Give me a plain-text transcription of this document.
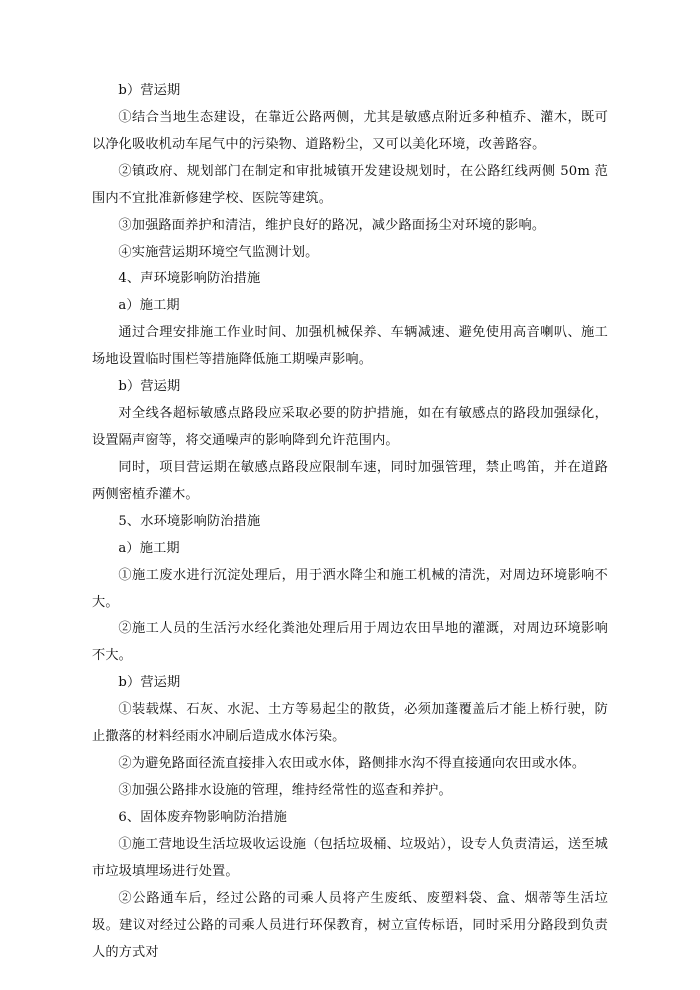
b）营运期

①结合当地生态建设，在靠近公路两侧，尤其是敏感点附近多种植乔、灌木，既可以净化吸收机动车尾气中的污染物、道路粉尘，又可以美化环境，改善路容。

②镇政府、规划部门在制定和审批城镇开发建设规划时，在公路红线两侧 50m 范围内不宜批准新修建学校、医院等建筑。

③加强路面养护和清洁，维护良好的路况，减少路面扬尘对环境的影响。

④实施营运期环境空气监测计划。

4、声环境影响防治措施

a）施工期

通过合理安排施工作业时间、加强机械保养、车辆减速、避免使用高音喇叭、施工场地设置临时围栏等措施降低施工期噪声影响。

b）营运期

对全线各超标敏感点路段应采取必要的防护措施，如在有敏感点的路段加强绿化，设置隔声窗等，将交通噪声的影响降到允许范围内。

同时，项目营运期在敏感点路段应限制车速，同时加强管理，禁止鸣笛，并在道路两侧密植乔灌木。

5、水环境影响防治措施

a）施工期

①施工废水进行沉淀处理后，用于洒水降尘和施工机械的清洗，对周边环境影响不大。

②施工人员的生活污水经化粪池处理后用于周边农田旱地的灌溉，对周边环境影响不大。

b）营运期

①装载煤、石灰、水泥、土方等易起尘的散货，必须加蓬覆盖后才能上桥行驶，防止撒落的材料经雨水冲刷后造成水体污染。

②为避免路面径流直接排入农田或水体，路侧排水沟不得直接通向农田或水体。

③加强公路排水设施的管理，维持经常性的巡查和养护。

6、固体废弃物影响防治措施

①施工营地设生活垃圾收运设施（包括垃圾桶、垃圾站），设专人负责清运，送至城市垃圾填埋场进行处置。

②公路通车后，经过公路的司乘人员将产生废纸、废塑料袋、盒、烟蒂等生活垃圾。建议对经过公路的司乘人员进行环保教育，树立宣传标语，同时采用分路段到负责人的方式对
